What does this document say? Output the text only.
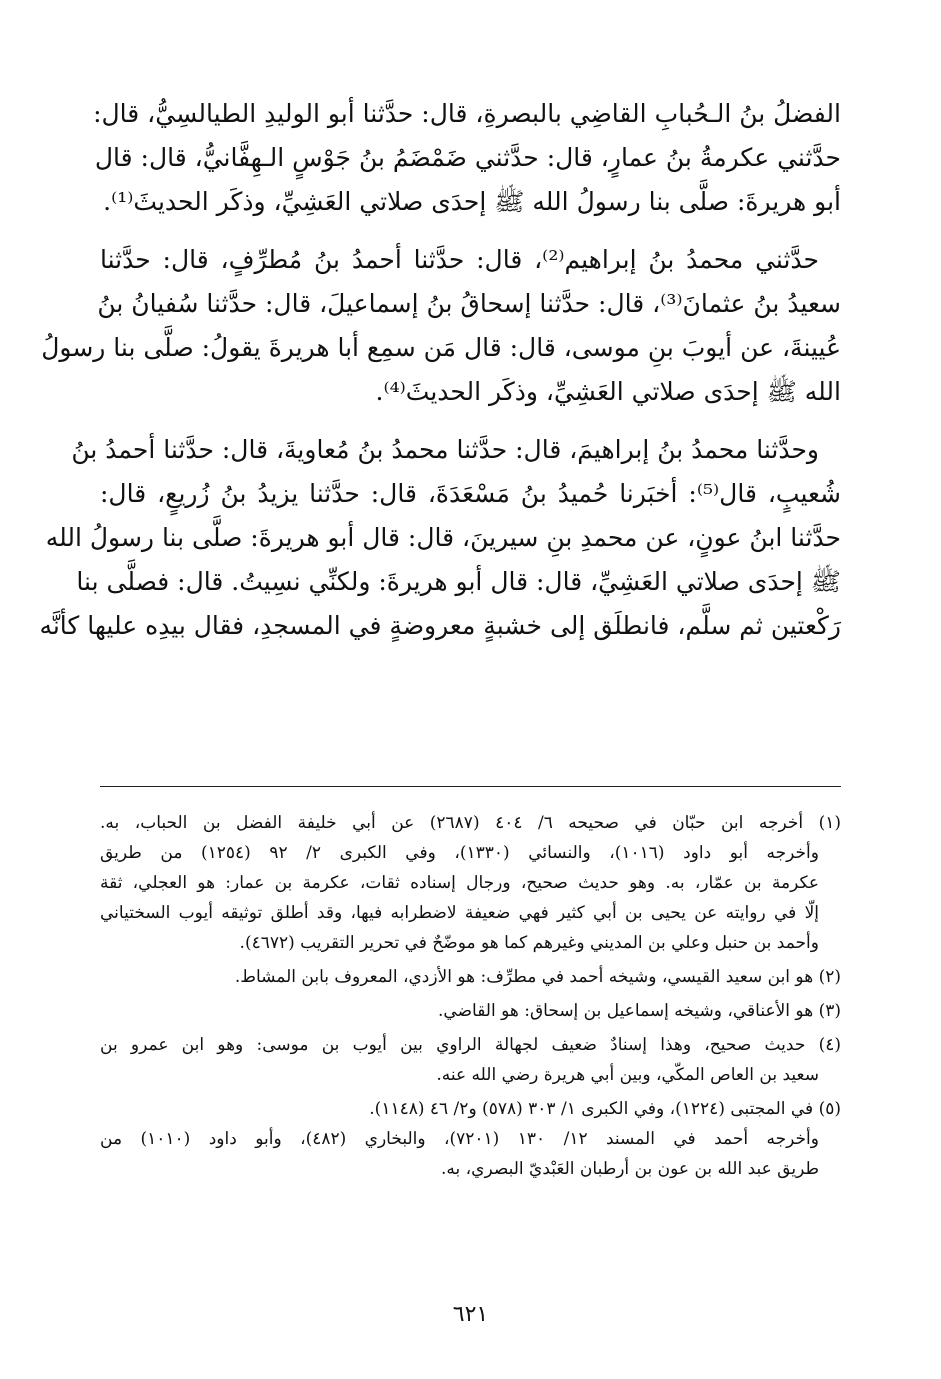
الفضلُ بنُ الـحُبابِ القاضِي بالبصرةِ، قال: حدَّثنا أبو الوليدِ الطيالسِيُّ، قال:
حدَّثني عكرمةُ بنُ عمارٍ، قال: حدَّثني ضَمْضَمُ بنُ جَوْسٍ الـهِفَّانيُّ، قال: قال
أبو هريرةَ: صلَّى بنا رسولُ الله ﷺ إحدَى صلاتي العَشِيِّ، وذكَر الحديثَ⁽¹⁾.
حدَّثني محمدُ بنُ إبراهيم⁽²⁾، قال: حدَّثنا أحمدُ بنُ مُطرِّفٍ، قال: حدَّثنا
سعيدُ بنُ عثمانَ⁽³⁾، قال: حدَّثنا إسحاقُ بنُ إسماعيلَ، قال: حدَّثنا سُفيانُ بنُ
عُيينةَ، عن أيوبَ بنِ موسى، قال: قال مَن سمِع أبا هريرةَ يقولُ: صلَّى بنا رسولُ
الله ﷺ إحدَى صلاتي العَشِيِّ، وذكَر الحديثَ⁽⁴⁾.
وحدَّثنا محمدُ بنُ إبراهيمَ، قال: حدَّثنا محمدُ بنُ مُعاويةَ، قال: حدَّثنا أحمدُ بنُ
شُعيبٍ، قال⁽⁵⁾: أخبَرنا حُميدُ بنُ مَسْعَدَةَ، قال: حدَّثنا يزيدُ بنُ زُريعٍ، قال:
حدَّثنا ابنُ عونٍ، عن محمدِ بنِ سيرينَ، قال: قال أبو هريرةَ: صلَّى بنا رسولُ الله
ﷺ إحدَى صلاتي العَشِيِّ، قال: قال أبو هريرةَ: ولكنِّي نسِيتُ. قال: فصلَّى بنا
رَكْعتين ثم سلَّم، فانطلَق إلى خشبةٍ معروضةٍ في المسجدِ، فقال بيدِه عليها كأنَّه
(١) أخرجه ابن حبّان في صحيحه ٦/ ٤٠٤ (٢٦٨٧) عن أبي خليفة الفضل بن الحباب، به.
وأخرجه أبو داود (١٠١٦)، والنسائي (١٣٣٠)، وفي الكبرى ٢/ ٩٢ (١٢٥٤) من طريق
عكرمة بن عمّار، به. وهو حديث صحيح، ورجال إسناده ثقات، عكرمة بن عمار: هو العجلي، ثقة
إلّا في روايته عن يحيى بن أبي كثير فهي ضعيفة لاضطرابه فيها، وقد أطلق توثيقه أيوب السختياني
وأحمد بن حنبل وعلي بن المديني وغيرهم كما هو موضّحٌ في تحرير التقريب (٤٦٧٢).
(٢) هو ابن سعيد القيسي، وشيخه أحمد في مطرِّف: هو الأزدي، المعروف بابن المشاط.
(٣) هو الأعناقي، وشيخه إسماعيل بن إسحاق: هو القاضي.
(٤) حديث صحيح، وهذا إسنادٌ ضعيف لجهالة الراوي بين أيوب بن موسى: وهو ابن عمرو بن
سعيد بن العاص المكّي، وبين أبي هريرة رضي الله عنه.
(٥) في المجتبى (١٢٢٤)، وفي الكبرى ١/ ٣٠٣ (٥٧٨) و٢/ ٤٦ (١١٤٨).
وأخرجه أحمد في المسند ١٢/ ١٣٠ (٧٢٠١)، والبخاري (٤٨٢)، وأبو داود (١٠١٠) من
طريق عبد الله بن عون بن أرطبان العَبْديّ البصري، به.
٦٢١
